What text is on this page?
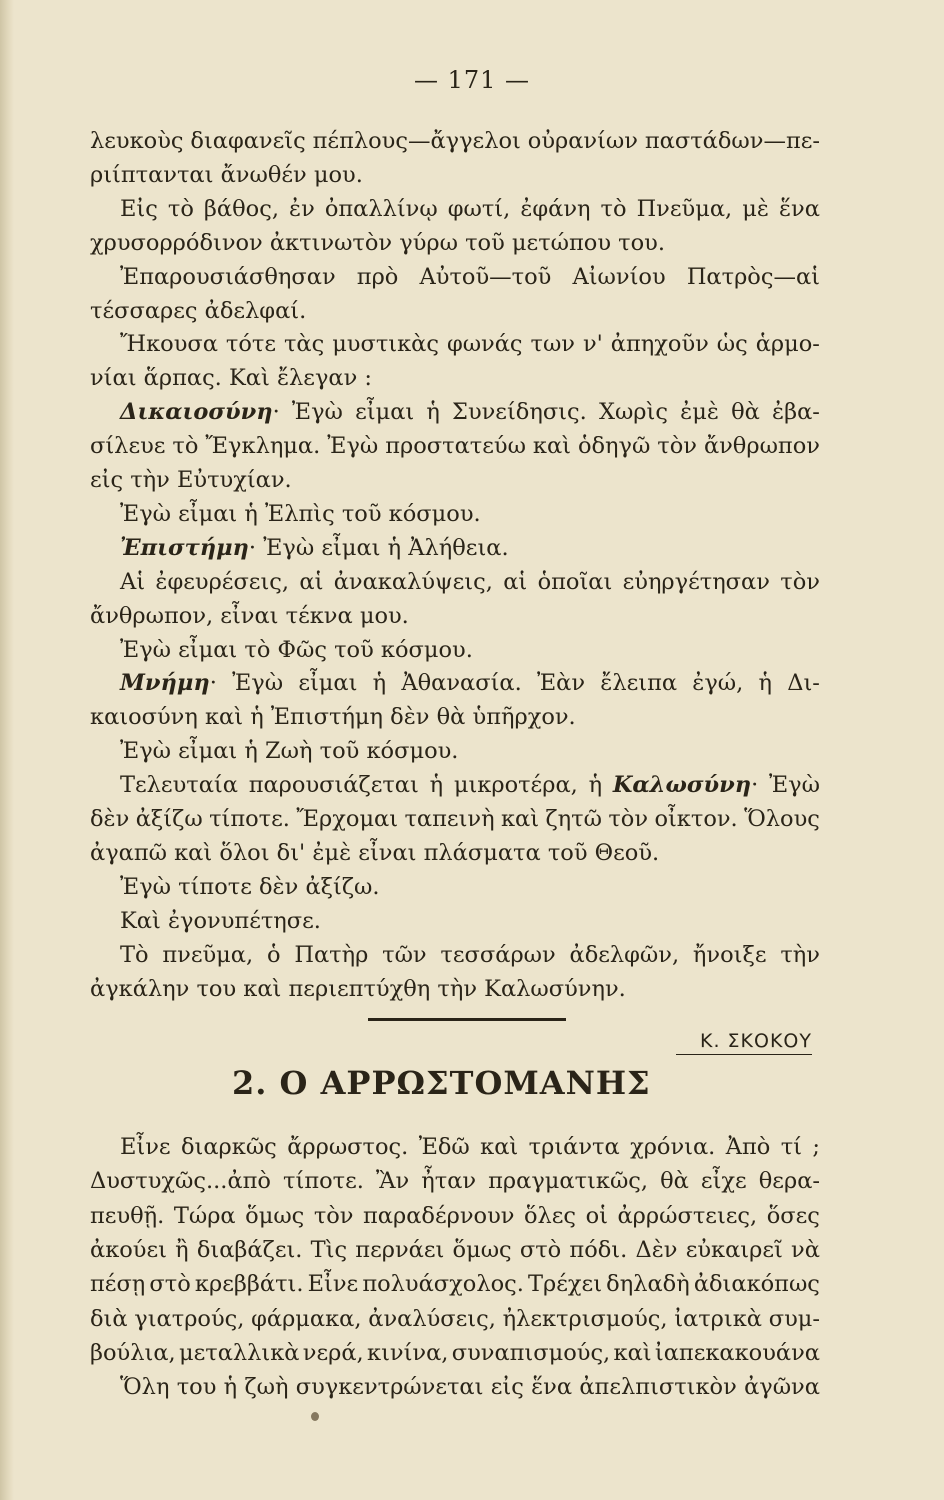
— 171 —
λευκοὺς διαφανεῖς πέπλους—ἄγγελοι οὐρανίων παστάδων—πε-
ριίπτανται ἄνωθέν μου.
Εἰς τὸ βάθος, ἐν ὀπαλλίνῳ φωτί, ἐφάνη τὸ Πνεῦμα, μὲ ἕνα
χρυσορρόδινον ἀκτινωτὸν γύρω τοῦ μετώπου του.
Ἐπαρουσιάσθησαν πρὸ Αὐτοῦ—τοῦ Αἰωνίου Πατρὸς—αἱ
τέσσαρες ἀδελφαί.
Ἤκουσα τότε τὰς μυστικὰς φωνάς των ν' ἀπηχοῦν ὡς ἁρμο-
νίαι ἅρπας. Καὶ ἔλεγαν :
Δικαιοσύνη· Ἐγὼ εἶμαι ἡ Συνείδησις. Χωρὶς ἐμὲ θὰ ἐβα-
σίλευε τὸ Ἔγκλημα. Ἐγὼ προστατεύω καὶ ὁδηγῶ τὸν ἄνθρωπον
εἰς τὴν Εὐτυχίαν.
Ἐγὼ εἶμαι ἡ Ἐλπὶς τοῦ κόσμου.
Ἐπιστήμη· Ἐγὼ εἶμαι ἡ Ἀλήθεια.
Αἱ ἐφευρέσεις, αἱ ἀνακαλύψεις, αἱ ὁποῖαι εὐηργέτησαν τὸν
ἄνθρωπον, εἶναι τέκνα μου.
Ἐγὼ εἶμαι τὸ Φῶς τοῦ κόσμου.
Μνήμη· Ἐγὼ εἶμαι ἡ Ἀθανασία. Ἐὰν ἔλειπα ἐγώ, ἡ Δι-
καιοσύνη καὶ ἡ Ἐπιστήμη δὲν θὰ ὑπῆρχον.
Ἐγὼ εἶμαι ἡ Ζωὴ τοῦ κόσμου.
Τελευταία παρουσιάζεται ἡ μικροτέρα, ἡ Καλωσύνη· Ἐγὼ
δὲν ἀξίζω τίποτε. Ἔρχομαι ταπεινὴ καὶ ζητῶ τὸν οἶκτον. Ὅλους
ἀγαπῶ καὶ ὅλοι δι' ἐμὲ εἶναι πλάσματα τοῦ Θεοῦ.
Ἐγὼ τίποτε δὲν ἀξίζω.
Καὶ ἐγονυπέτησε.
Τὸ πνεῦμα, ὁ Πατὴρ τῶν τεσσάρων ἀδελφῶν, ἤνοιξε τὴν
ἀγκάλην του καὶ περιεπτύχθη τὴν Καλωσύνην.
Κ. ΣΚΟΚΟΥ
2. Ο ΑΡΡΩΣΤΟΜΑΝΗΣ
Εἶνε διαρκῶς ἄρρωστος. Ἐδῶ καὶ τριάντα χρόνια. Ἀπὸ τί ;
Δυστυχῶς...ἀπὸ τίποτε. Ἂν ἦταν πραγματικῶς, θὰ εἶχε θερα-
πευθῇ. Τώρα ὅμως τὸν παραδέρνουν ὅλες οἱ ἀρρώστειες, ὅσες
ἀκούει ἢ διαβάζει. Τὶς περνάει ὅμως στὸ πόδι. Δὲν εὐκαιρεῖ νὰ
πέσῃ στὸ κρεββάτι. Εἶνε πολυάσχολος. Τρέχει δηλαδὴ ἀδιακόπως
διὰ γιατρούς, φάρμακα, ἀναλύσεις, ἠλεκτρισμούς, ἰατρικὰ συμ-
βούλια, μεταλλικὰ νερά, κινίνα, συναπισμούς, καὶ ἰαπεκακουάνα
Ὅλη του ἡ ζωὴ συγκεντρώνεται εἰς ἕνα ἀπελπιστικὸν ἀγῶνα
